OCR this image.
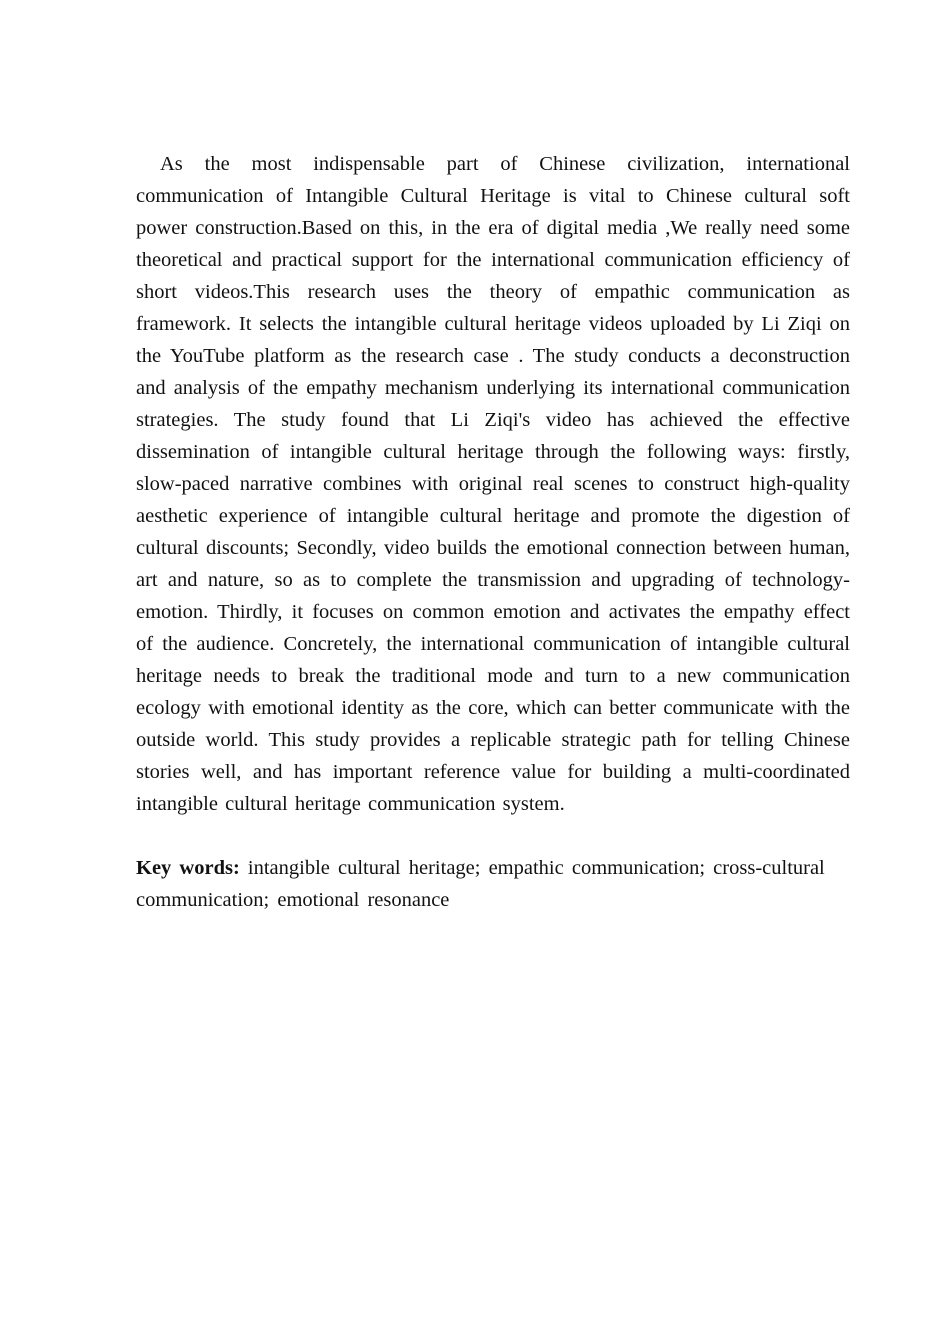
As the most indispensable part of Chinese civilization, international communication of Intangible Cultural Heritage is vital to Chinese cultural soft power construction.Based on this, in the era of digital media ,We really need some theoretical and practical support for the international communication efficiency of short videos.This research uses the theory of empathic communication as framework. It selects the intangible cultural heritage videos uploaded by Li Ziqi on the YouTube platform as the research case . The study conducts a deconstruction and analysis of the empathy mechanism underlying its international communication strategies. The study found that Li Ziqi's video has achieved the effective dissemination of intangible cultural heritage through the following ways: firstly, slow-paced narrative combines with original real scenes to construct high-quality aesthetic experience of intangible cultural heritage and promote the digestion of cultural discounts; Secondly, video builds the emotional connection between human, art and nature, so as to complete the transmission and upgrading of technology-emotion. Thirdly, it focuses on common emotion and activates the empathy effect of the audience. Concretely, the international communication of intangible cultural heritage needs to break the traditional mode and turn to a new communication ecology with emotional identity as the core, which can better communicate with the outside world. This study provides a replicable strategic path for telling Chinese stories well, and has important reference value for building a multi-coordinated intangible cultural heritage communication system.

Key words: intangible cultural heritage; empathic communication; cross-cultural communication; emotional resonance
